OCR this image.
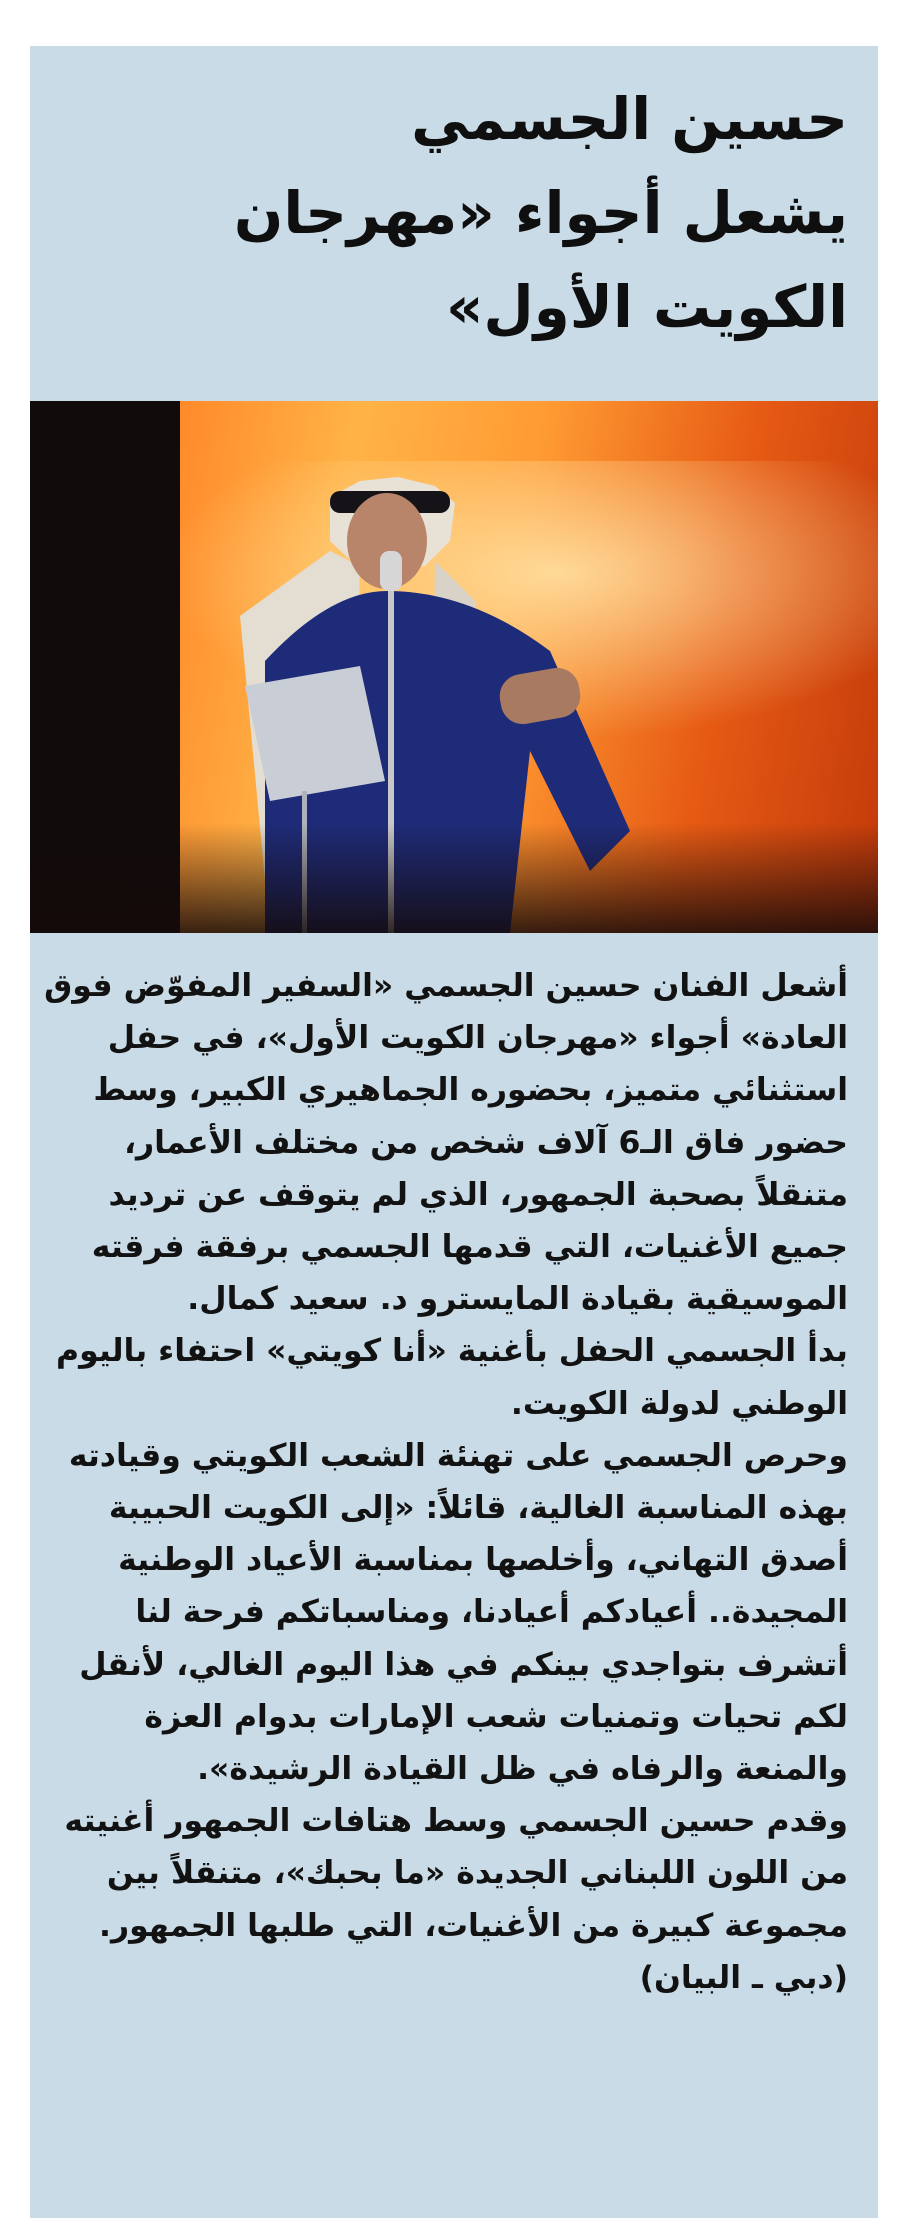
حسين الجسمي
يشعل أجواء «مهرجان
الكويت الأول»
أشعل الفنان حسين الجسمي «السفير المفوّض فوق
العادة» أجواء «مهرجان الكويت الأول»، في حفل
استثنائي متميز، بحضوره الجماهيري الكبير، وسط
حضور فاق الـ6 آلاف شخص من مختلف الأعمار،
متنقلاً بصحبة الجمهور، الذي لم يتوقف عن ترديد
جميع الأغنيات، التي قدمها الجسمي برفقة فرقته
الموسيقية بقيادة المايسترو د. سعيد كمال.
بدأ الجسمي الحفل بأغنية «أنا كويتي» احتفاء باليوم
الوطني لدولة الكويت.
وحرص الجسمي على تهنئة الشعب الكويتي وقيادته
بهذه المناسبة الغالية، قائلاً: «إلى الكويت الحبيبة
أصدق التهاني، وأخلصها بمناسبة الأعياد الوطنية
المجيدة.. أعيادكم أعيادنا، ومناسباتكم فرحة لنا
أتشرف بتواجدي بينكم في هذا اليوم الغالي، لأنقل
لكم تحيات وتمنيات شعب الإمارات بدوام العزة
والمنعة والرفاه في ظل القيادة الرشيدة».
وقدم حسين الجسمي وسط هتافات الجمهور أغنيته
من اللون اللبناني الجديدة «ما بحبك»، متنقلاً بين
مجموعة كبيرة من الأغنيات، التي طلبها الجمهور.
(دبي ـ البيان)
